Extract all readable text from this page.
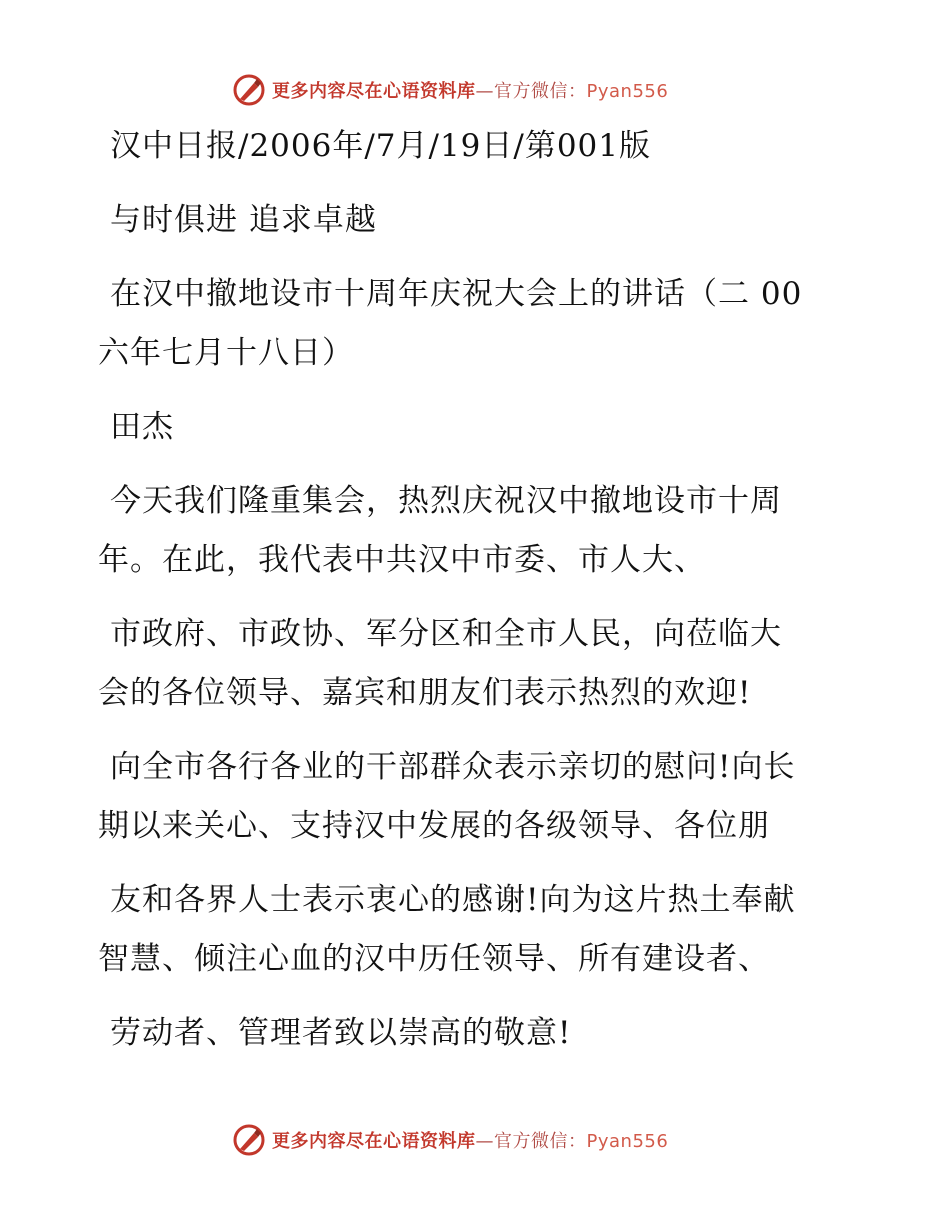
更多内容尽在心语资料库—官方微信：Pyan556
汉中日报/2006年/7月/19日/第001版
与时俱进 追求卓越
在汉中撤地设市十周年庆祝大会上的讲话（二 00
六年七月十八日）
田杰
今天我们隆重集会，热烈庆祝汉中撤地设市十周
年。在此，我代表中共汉中市委、市人大、
市政府、市政协、军分区和全市人民，向莅临大
会的各位领导、嘉宾和朋友们表示热烈的欢迎!
向全市各行各业的干部群众表示亲切的慰问!向长
期以来关心、支持汉中发展的各级领导、各位朋
友和各界人士表示衷心的感谢!向为这片热土奉献
智慧、倾注心血的汉中历任领导、所有建设者、
劳动者、管理者致以崇高的敬意!
更多内容尽在心语资料库—官方微信：Pyan556
